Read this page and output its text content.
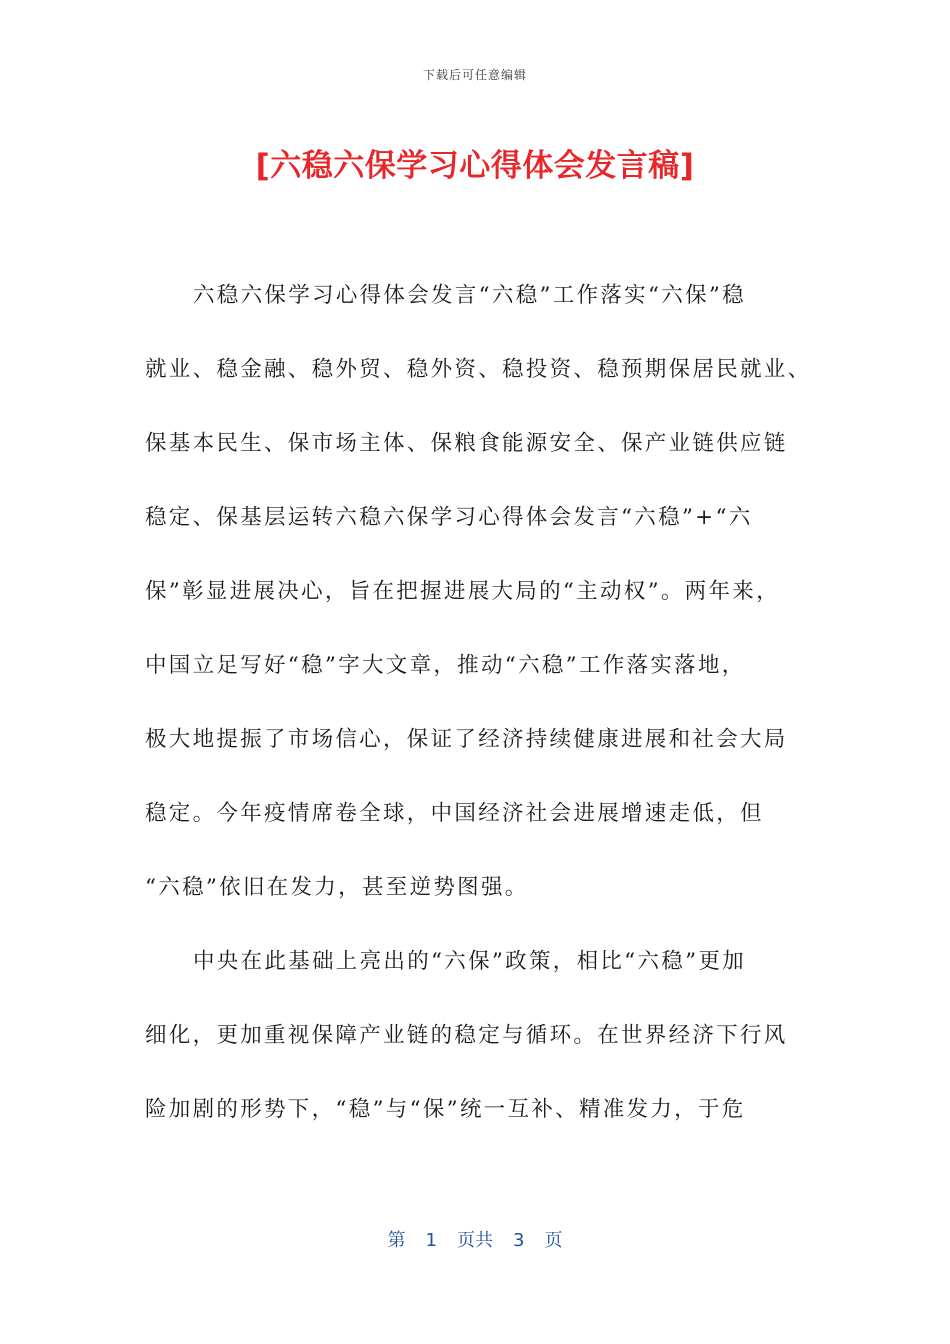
下载后可任意编辑
[六稳六保学习心得体会发言稿]
六稳六保学习心得体会发言“六稳”工作落实“六保”稳
就业、稳金融、稳外贸、稳外资、稳投资、稳预期保居民就业、
保基本民生、保市场主体、保粮食能源安全、保产业链供应链
稳定、保基层运转六稳六保学习心得体会发言“六稳”+“六
保”彰显进展决心，旨在把握进展大局的“主动权”。两年来，
中国立足写好“稳”字大文章，推动“六稳”工作落实落地，
极大地提振了市场信心，保证了经济持续健康进展和社会大局
稳定。今年疫情席卷全球，中国经济社会进展增速走低，但
“六稳”依旧在发力，甚至逆势图强。
中央在此基础上亮出的“六保”政策，相比“六稳”更加
细化，更加重视保障产业链的稳定与循环。在世界经济下行风
险加剧的形势下，“稳”与“保”统一互补、精准发力，于危
第 1 页共 3 页
